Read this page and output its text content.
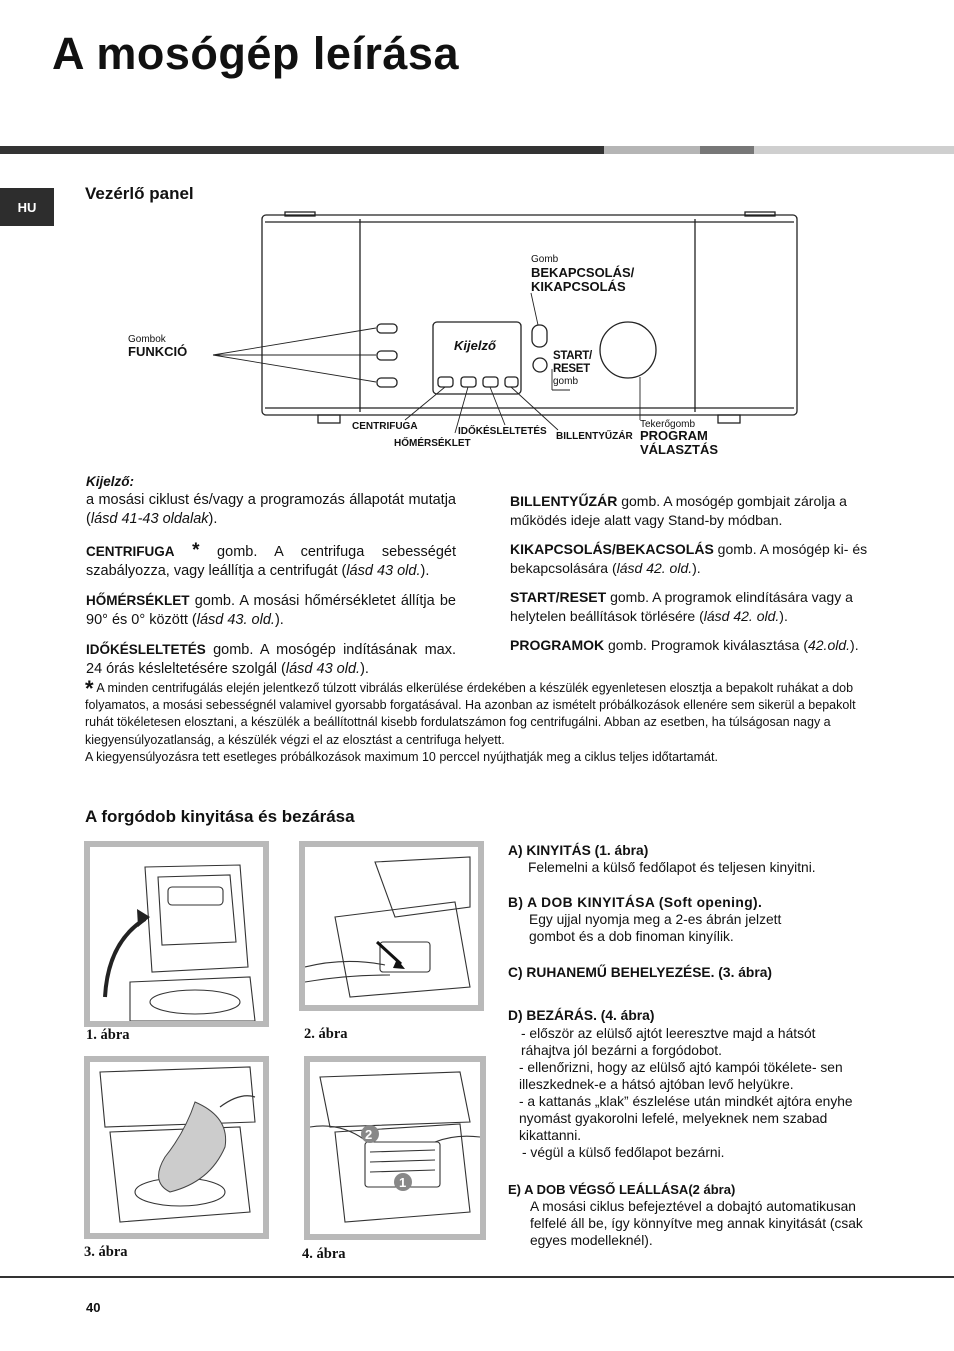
A mosógép leírása
HU
Vezérlő panel
Gomb

BEKAPCSOLÁS/
KIKAPCSOLÁS
Gombok
FUNKCIÓ	Kijelző
START/
RESET
gomb
CENTRIFUGA
HŐMÉRSÉKLET
IDŐKÉSLELTETÉS BILLENTYŰZÁR
Tekerőgomb

PROGRAM
VÁLASZTÁS
Kijelző:

a mosási ciklust és/vagy a programozás állapotát mutatja (lásd 41-43 oldalak).

CENTRIFUGA * gomb. A centrifuga sebességét szabályozza, vagy leállítja a centrifugát (lásd 43 old.).

HŐMÉRSÉKLET gomb. A mosási hőmérsékletet állítja be 90° és 0° között (lásd 43. old.).

IDŐKÉSLELTETÉS gomb. A mosógép indításának max. 24 órás késleltetésére szolgál (lásd 43 old.).

BILLENTYŰZÁR gomb. A mosógép gombjait zárolja a működés ideje alatt vagy Stand-by módban.

KIKAPCSOLÁS/BEKACSOLÁS gomb. A mosógép ki- és bekapcsolására (lásd 42. old.).

START/RESET gomb. A programok elindítására vagy a helytelen beállítások törlésére (lásd 42. old.).

PROGRAMOK gomb. Programok kiválasztása (42.old.).

* A minden centrifugálás elején jelentkező túlzott vibrálás elkerülése érdekében a készülék egyenletesen elosztja a bepakolt ruhákat a dob folyamatos, a mosási sebességnél valamivel gyorsabb forgatásával. Ha azonban az ismételt próbálkozások ellenére sem sikerül a bepakolt ruhát tökéletesen elosztani, a készülék a beállítottnál kisebb fordulatszámon fog centrifugálni. Abban az esetben, ha túlságosan nagy a kiegyensúlyozatlanság, a készülék végzi el az elosztást a centrifuga helyett.
A kiegyensúlyozásra tett esetleges próbálkozások maximum 10 perccel nyújthatják meg a ciklus teljes időtartamát.
A forgódob kinyitása és bezárása
1. ábra	2. ábra
3. ábra
2
1
4. ábra
A) KINYITÁS (1. ábra)
Felemelni a külső fedőlapot és teljesen kinyitni.
B) A DOB KINYITÁSA (Soft opening).
Egy ujjal nyomja meg a 2-es ábrán jelzett gombot és a dob finoman kinyílik.
C) RUHANEMŰ BEHELYEZÉSE. (3. ábra)
D) BEZÁRÁS. (4. ábra)
- először az elülső ajtót leeresztve majd a hátsót ráhajtva jól bezárni a forgódobot.
- ellenőrizni, hogy az elülső ajtó kampói tökélete- sen illeszkednek-e a hátsó ajtóban levő helyükre.
- a kattanás „klak” észlelése után mindkét ajtóra enyhe nyomást gyakorolni lefelé, melyeknek nem szabad kikattanni.
- végül a külső fedőlapot bezárni.
E) A DOB VÉGSŐ LEÁLLÁSA(2 ábra)
A mosási ciklus befejeztével a dobajtó automatikusan felfelé áll be, így könnyítve meg annak kinyitását (csak egyes modelleknél).
40
